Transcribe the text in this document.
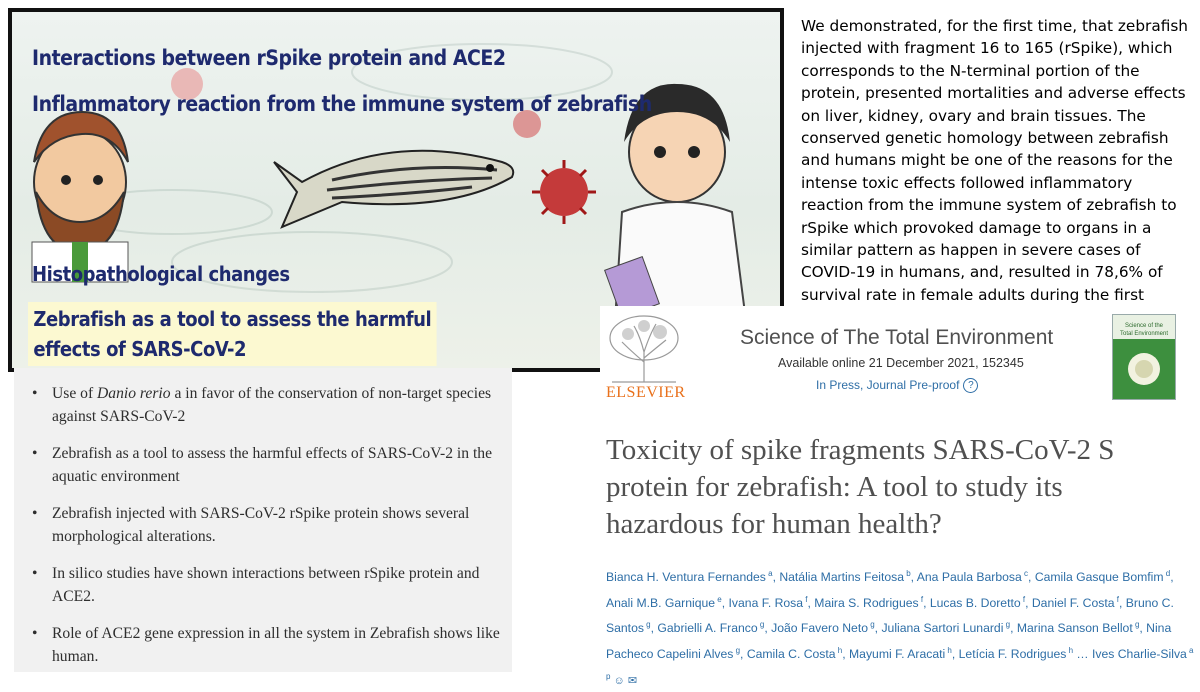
Interactions between rSpike protein and ACE2
Inflammatory reaction from the immune system of zebrafish
Histopathological changes
Zebrafish as a tool to assess the harmful
effects of SARS-CoV-2

We demonstrated, for the first time, that zebrafish injected with fragment 16 to 165 (rSpike), which corresponds to the N-terminal portion of the protein, presented mortalities and adverse effects on liver, kidney, ovary and brain tissues. The conserved genetic homology between zebrafish and humans might be one of the reasons for the intense toxic effects followed inflammatory reaction from the immune system of zebrafish to rSpike which provoked damage to organs in a similar pattern as happen in severe cases of COVID-19 in humans, and, resulted in 78,6% of survival rate in female adults during the first

• Use of Danio rerio a in favor of the conservation of non-target species against SARS-CoV-2
• Zebrafish as a tool to assess the harmful effects of SARS-CoV-2 in the aquatic environment
• Zebrafish injected with SARS-CoV-2 rSpike protein shows several morphological alterations.
• In silico studies have shown interactions between rSpike protein and ACE2.
• Role of ACE2 gene expression in all the system in Zebrafish shows like human.
ELSEVIER
Science of The Total Environment
Available online 21 December 2021, 152345
In Press, Journal Pre-proof ?
Science of the
Total Environment
Toxicity of spike fragments SARS-CoV-2 S protein for zebrafish: A tool to study its hazardous for human health?

Bianca H. Ventura Fernandes $^a$, Natália Martins Feitosa $^b$, Ana Paula Barbosa $^c$, Camila Gasque Bomfim $^d$, Anali M.B. Garnique $^e$, Ivana F. Rosa $^f$, Maira S. Rodrigues $^f$, Lucas B. Doretto $^f$, Daniel F. Costa $^f$, Bruno C. Santos $^g$, Gabrielli A. Franco $^g$, João Favero Neto $^g$, Juliana Sartori Lunardi $^g$, Marina Sanson Bellot $^g$, Nina Pacheco Capelini Alves $^g$, Camila C. Costa $^h$, Mayumi F. Aracati $^h$, Letícia F. Rodrigues $^h$ … Ives Charlie-Silva $^{a p}$ ☺ ✉
